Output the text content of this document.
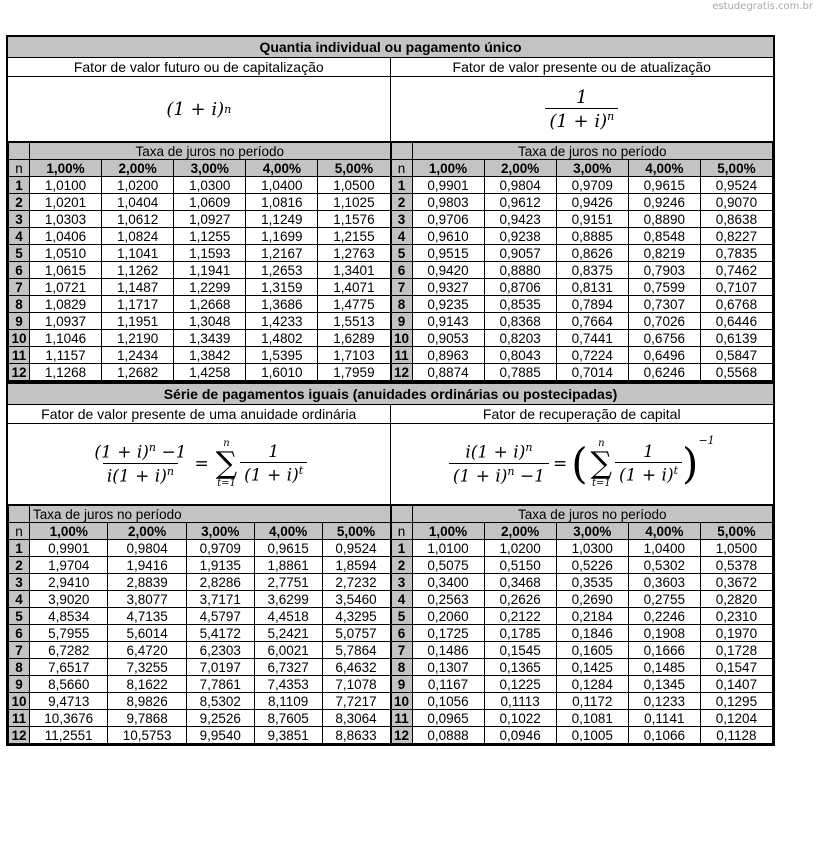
estudegratis.com.br
Quantia individual ou pagamento único
Fator de valor futuro ou de capitalização	Fator de valor presente ou de atualização
(1 + i) n	$\frac{1}{(1 + i)^n}$
	Taxa de juros no período				
n	1,00%	2,00%	3,00%	4,00%	5,00%
1	1,0100	1,0200	1,0300	1,0400	1,0500
2	1,0201	1,0404	1,0609	1,0816	1,1025
3	1,0303	1,0612	1,0927	1,1249	1,1576
4	1,0406	1,0824	1,1255	1,1699	1,2155
5	1,0510	1,1041	1,1593	1,2167	1,2763
6	1,0615	1,1262	1,1941	1,2653	1,3401
7	1,0721	1,1487	1,2299	1,3159	1,4071
8	1,0829	1,1717	1,2668	1,3686	1,4775
9	1,0937	1,1951	1,3048	1,4233	1,5513
10	1,1046	1,2190	1,3439	1,4802	1,6289
11	1,1157	1,2434	1,3842	1,5395	1,7103
12	1,1268	1,2682	1,4258	1,6010	1,7959
	Taxa de juros no período				
n	1,00%	2,00%	3,00%	4,00%	5,00%
1	0,9901	0,9804	0,9709	0,9615	0,9524
2	0,9803	0,9612	0,9426	0,9246	0,9070
3	0,9706	0,9423	0,9151	0,8890	0,8638
4	0,9610	0,9238	0,8885	0,8548	0,8227
5	0,9515	0,9057	0,8626	0,8219	0,7835
6	0,9420	0,8880	0,8375	0,7903	0,7462
7	0,9327	0,8706	0,8131	0,7599	0,7107
8	0,9235	0,8535	0,7894	0,7307	0,6768
9	0,9143	0,8368	0,7664	0,7026	0,6446
10	0,9053	0,8203	0,7441	0,6756	0,6139
11	0,8963	0,8043	0,7224	0,6496	0,5847
12	0,8874	0,7885	0,7014	0,6246	0,5568
Série de pagamentos iguais (anuidades ordinárias ou postecipadas)
Fator de valor presente de uma anuidade ordinária	Fator de recuperação de capital
$\frac{(1 + i)^n -1}{i(1 + i)^n}$ =
n
∑
$t=1 \frac{1}{(1 + i)^t}$	$\frac{i(1 + i)^n}{(1 + i)^n -1}$ = ( n
∑
$t=1 \frac{1}{(1 + i)^t}$ ) −1
	Taxa de juros no período				
n	1,00%	2,00%	3,00%	4,00%	5,00%
1	0,9901	0,9804	0,9709	0,9615	0,9524
2	1,9704	1,9416	1,9135	1,8861	1,8594
3	2,9410	2,8839	2,8286	2,7751	2,7232
4	3,9020	3,8077	3,7171	3,6299	3,5460
5	4,8534	4,7135	4,5797	4,4518	4,3295
6	5,7955	5,6014	5,4172	5,2421	5,0757
7	6,7282	6,4720	6,2303	6,0021	5,7864
8	7,6517	7,3255	7,0197	6,7327	6,4632
9	8,5660	8,1622	7,7861	7,4353	7,1078
10	9,4713	8,9826	8,5302	8,1109	7,7217
11	10,3676	9,7868	9,2526	8,7605	8,3064
12	11,2551	10,5753	9,9540	9,3851	8,8633
	Taxa de juros no período				
n	1,00%	2,00%	3,00%	4,00%	5,00%
1	1,0100	1,0200	1,0300	1,0400	1,0500
2	0,5075	0,5150	0,5226	0,5302	0,5378
3	0,3400	0,3468	0,3535	0,3603	0,3672
4	0,2563	0,2626	0,2690	0,2755	0,2820
5	0,2060	0,2122	0,2184	0,2246	0,2310
6	0,1725	0,1785	0,1846	0,1908	0,1970
7	0,1486	0,1545	0,1605	0,1666	0,1728
8	0,1307	0,1365	0,1425	0,1485	0,1547
9	0,1167	0,1225	0,1284	0,1345	0,1407
10	0,1056	0,1113	0,1172	0,1233	0,1295
11	0,0965	0,1022	0,1081	0,1141	0,1204
12	0,0888	0,0946	0,1005	0,1066	0,1128
